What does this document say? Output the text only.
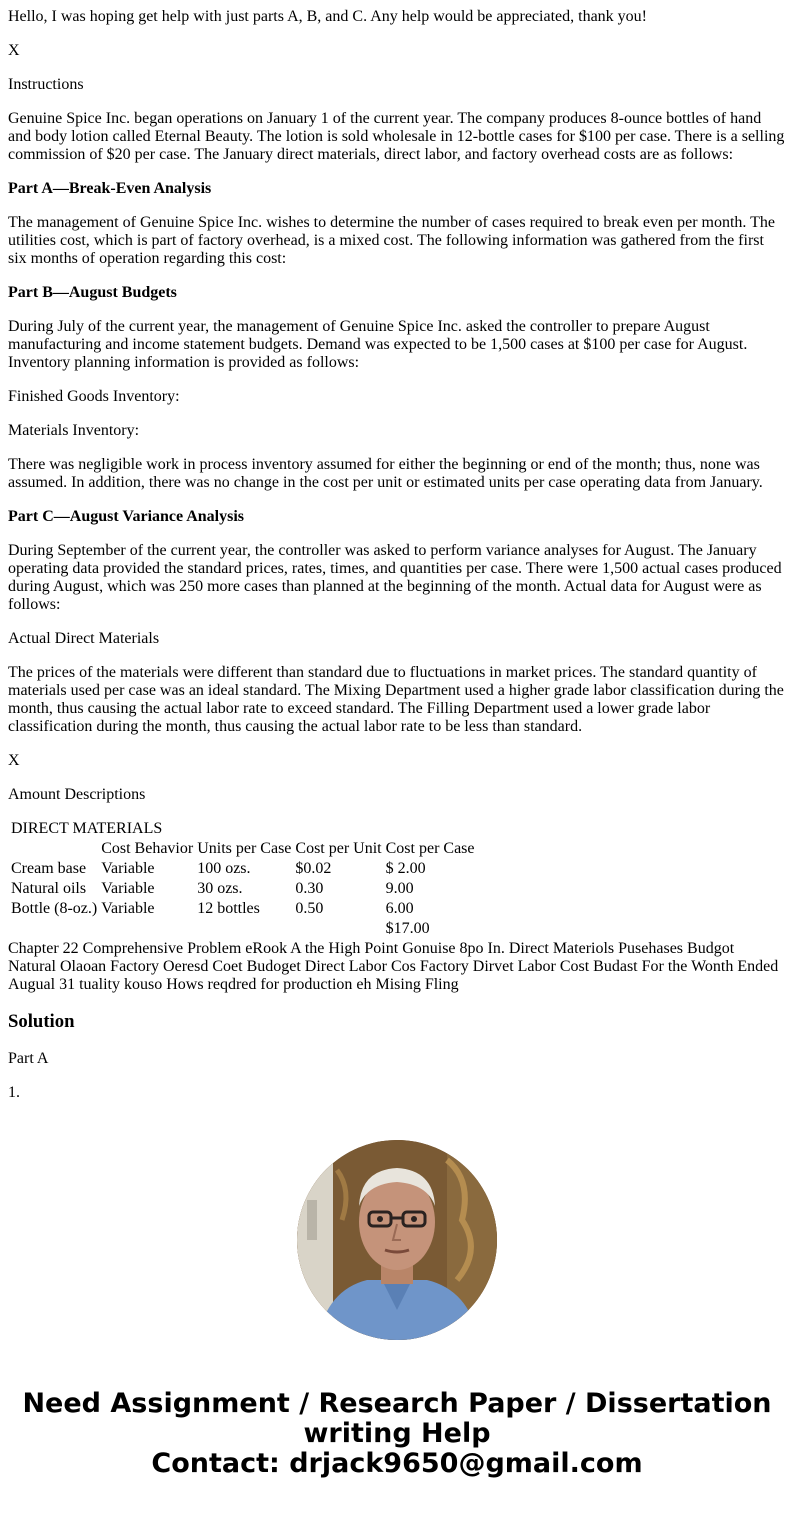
Hello, I was hoping get help with just parts A, B, and C. Any help would be appreciated, thank you!

X

Instructions

Genuine Spice Inc. began operations on January 1 of the current year. The company produces 8-ounce bottles of hand and body lotion called Eternal Beauty. The lotion is sold wholesale in 12-bottle cases for $100 per case. There is a selling commission of $20 per case. The January direct materials, direct labor, and factory overhead costs are as follows:

Part A—Break-Even Analysis

The management of Genuine Spice Inc. wishes to determine the number of cases required to break even per month. The utilities cost, which is part of factory overhead, is a mixed cost. The following information was gathered from the first six months of operation regarding this cost:

Part B—August Budgets

During July of the current year, the management of Genuine Spice Inc. asked the controller to prepare August manufacturing and income statement budgets. Demand was expected to be 1,500 cases at $100 per case for August. Inventory planning information is provided as follows:

Finished Goods Inventory:

Materials Inventory:

There was negligible work in process inventory assumed for either the beginning or end of the month; thus, none was assumed. In addition, there was no change in the cost per unit or estimated units per case operating data from January.

Part C—August Variance Analysis

During September of the current year, the controller was asked to perform variance analyses for August. The January operating data provided the standard prices, rates, times, and quantities per case. There were 1,500 actual cases produced during August, which was 250 more cases than planned at the beginning of the month. Actual data for August were as follows:

Actual Direct Materials

The prices of the materials were different than standard due to fluctuations in market prices. The standard quantity of materials used per case was an ideal standard. The Mixing Department used a higher grade labor classification during the month, thus causing the actual labor rate to exceed standard. The Filling Department used a lower grade labor classification during the month, thus causing the actual labor rate to be less than standard.

X

Amount Descriptions

DIRECT MATERIALS				
	Cost Behavior	Units per Case	Cost per Unit	Cost per Case
Cream base	Variable	100 ozs.	$0.02	$ 2.00
Natural oils	Variable	30 ozs.	0.30	9.00
Bottle (8-oz.)	Variable	12 bottles	0.50	6.00
				$17.00

Chapter 22 Comprehensive Problem eRook A the High Point Gonuise 8po In. Direct Materiols Pusehases Budgot Natural Olaoan Factory Oeresd Coet Budoget Direct Labor Cos Factory Dirvet Labor Cost Budast For the Wonth Ended Augual 31 tuality kouso Hows reqdred for production eh Mising Fling

Solution

Part A

1.

Need Assignment / Research Paper / Dissertation writing Help
Contact: drjack9650@gmail.com
